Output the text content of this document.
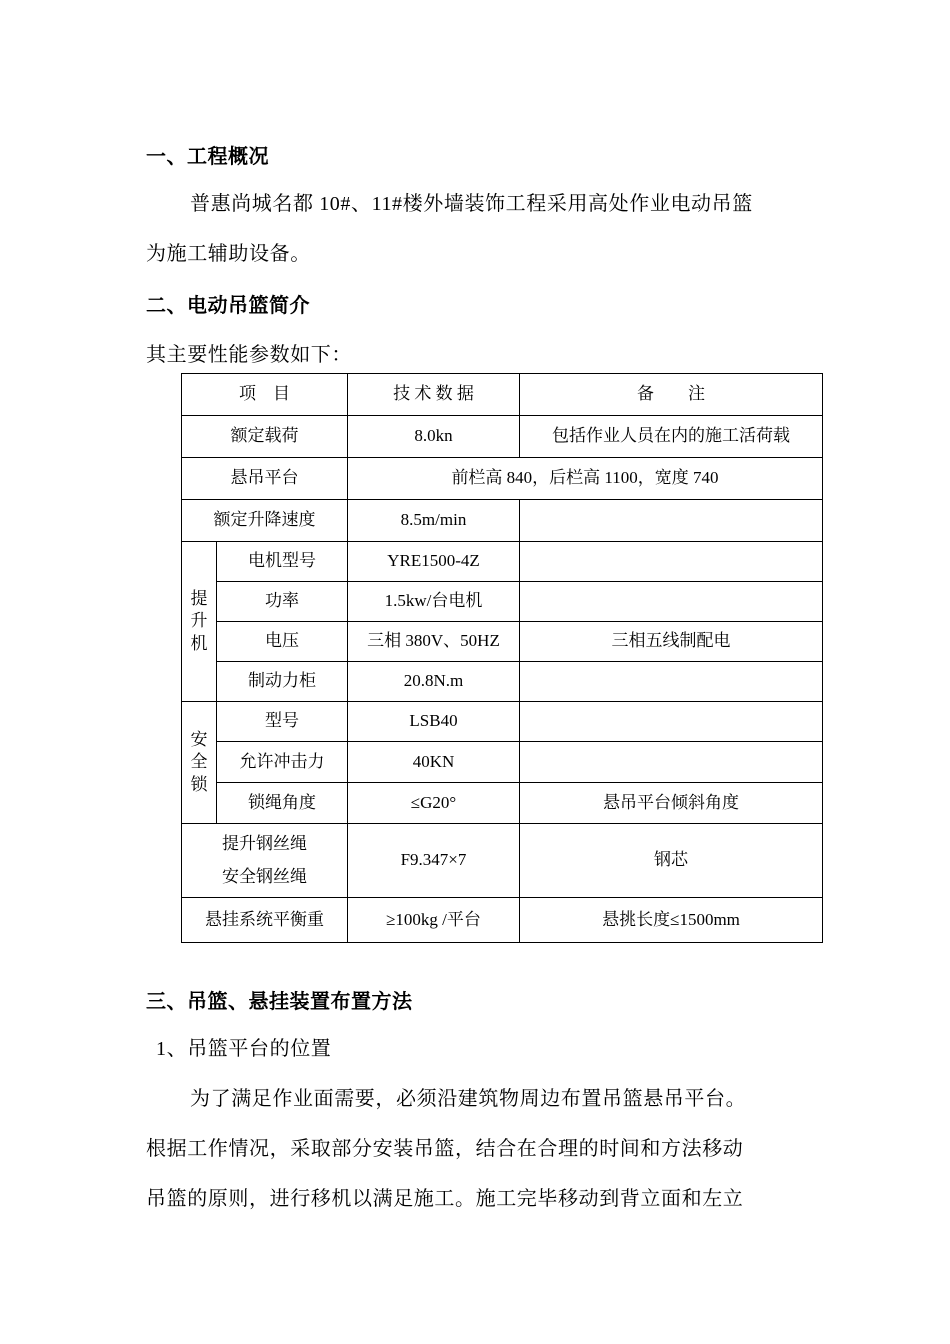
一、工程概况
普惠尚城名都 10#、11#楼外墙装饰工程采用高处作业电动吊篮
为施工辅助设备。
二、电动吊篮简介
其主要性能参数如下：
项　目		技 术 数 据	备　　注
额定载荷		8.0kn	包括作业人员在内的施工活荷载
悬吊平台		前栏高 840，后栏高 1100，宽度 740	
额定升降速度		8.5m/min	

提
升
机	电机型号	YRE1500-4Z	
	功率	1.5kw/台电机	
	电压	三相 380V、50HZ	三相五线制配电
	制动力柜	20.8N.m	

安
全
锁	型号	LSB40	
	允许冲击力	40KN	
	锁绳角度	≤G20°	悬吊平台倾斜角度

提升钢丝绳
安全钢丝绳		F9.347×7	钢芯
悬挂系统平衡重		≥100kg /平台	悬挑长度≤1500mm
三、吊篮、悬挂装置布置方法
1、吊篮平台的位置
为了满足作业面需要，必须沿建筑物周边布置吊篮悬吊平台。
根据工作情况，采取部分安装吊篮，结合在合理的时间和方法移动
吊篮的原则，进行移机以满足施工。施工完毕移动到背立面和左立
